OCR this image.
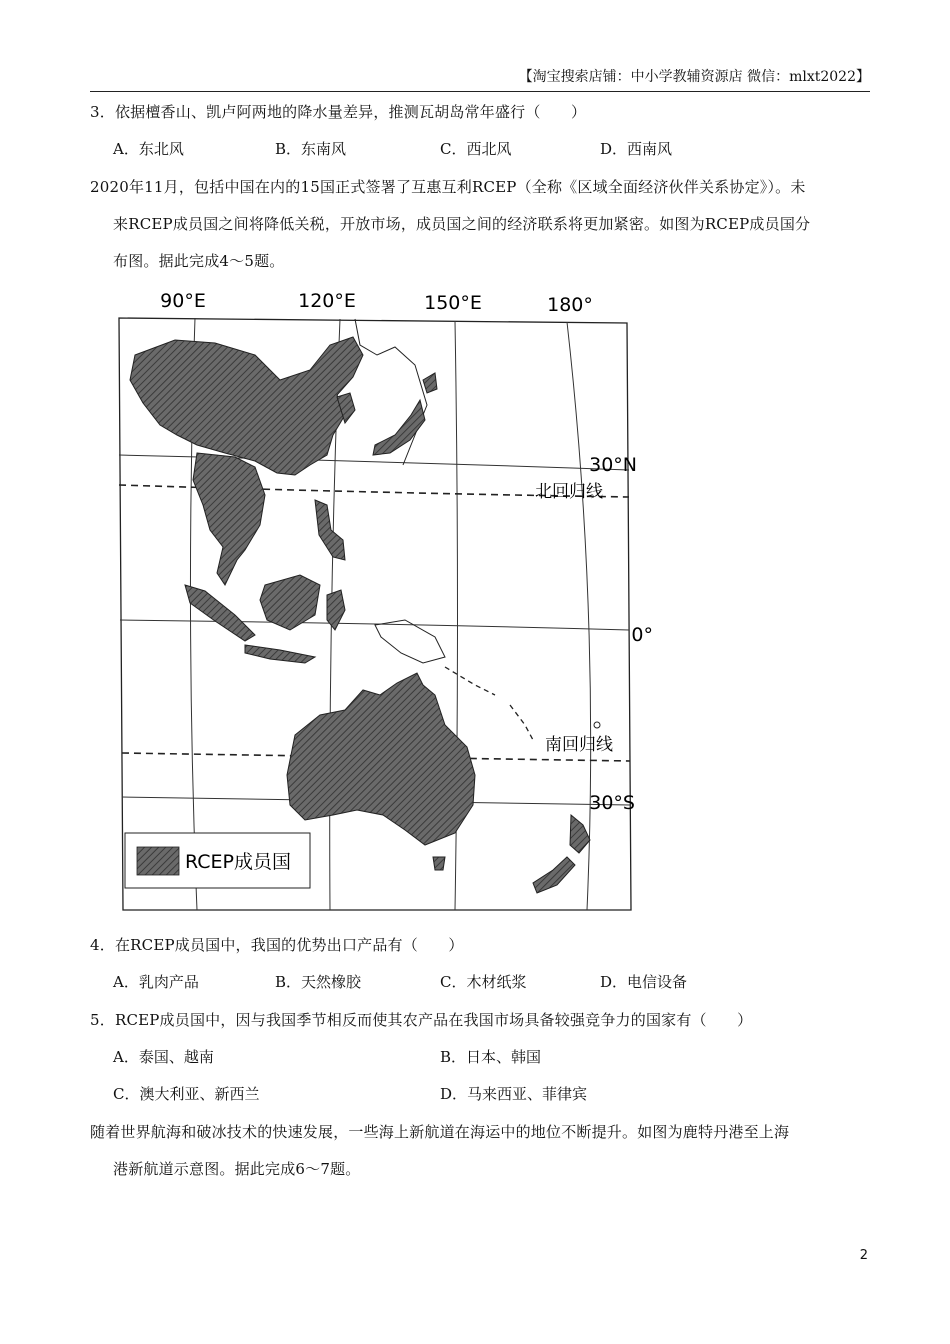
【淘宝搜索店铺：中小学教辅资源店 微信：mlxt2022】
3．依据檀香山、凯卢阿两地的降水量差异，推测瓦胡岛常年盛行（　　）
A．东北风	B．东南风	C．西北风	D．西南风
2020年11月，包括中国在内的15国正式签署了互惠互利RCEP（全称《区域全面经济伙伴关系协定》）。未
来RCEP成员国之间将降低关税，开放市场，成员国之间的经济联系将更加紧密。如图为RCEP成员国分
布图。据此完成4～5题。
90°E	120°E	150°E	180°
30°N
0°
30°S
北回归线
南回归线
RCEP成员国
4．在RCEP成员国中，我国的优势出口产品有（　　）
A．乳肉产品	B．天然橡胶	C．木材纸浆	D．电信设备
5．RCEP成员国中，因与我国季节相反而使其农产品在我国市场具备较强竞争力的国家有（　　）
A．泰国、越南	B．日本、韩国
C．澳大利亚、新西兰	D．马来西亚、菲律宾
随着世界航海和破冰技术的快速发展，一些海上新航道在海运中的地位不断提升。如图为鹿特丹港至上海
港新航道示意图。据此完成6～7题。
2
